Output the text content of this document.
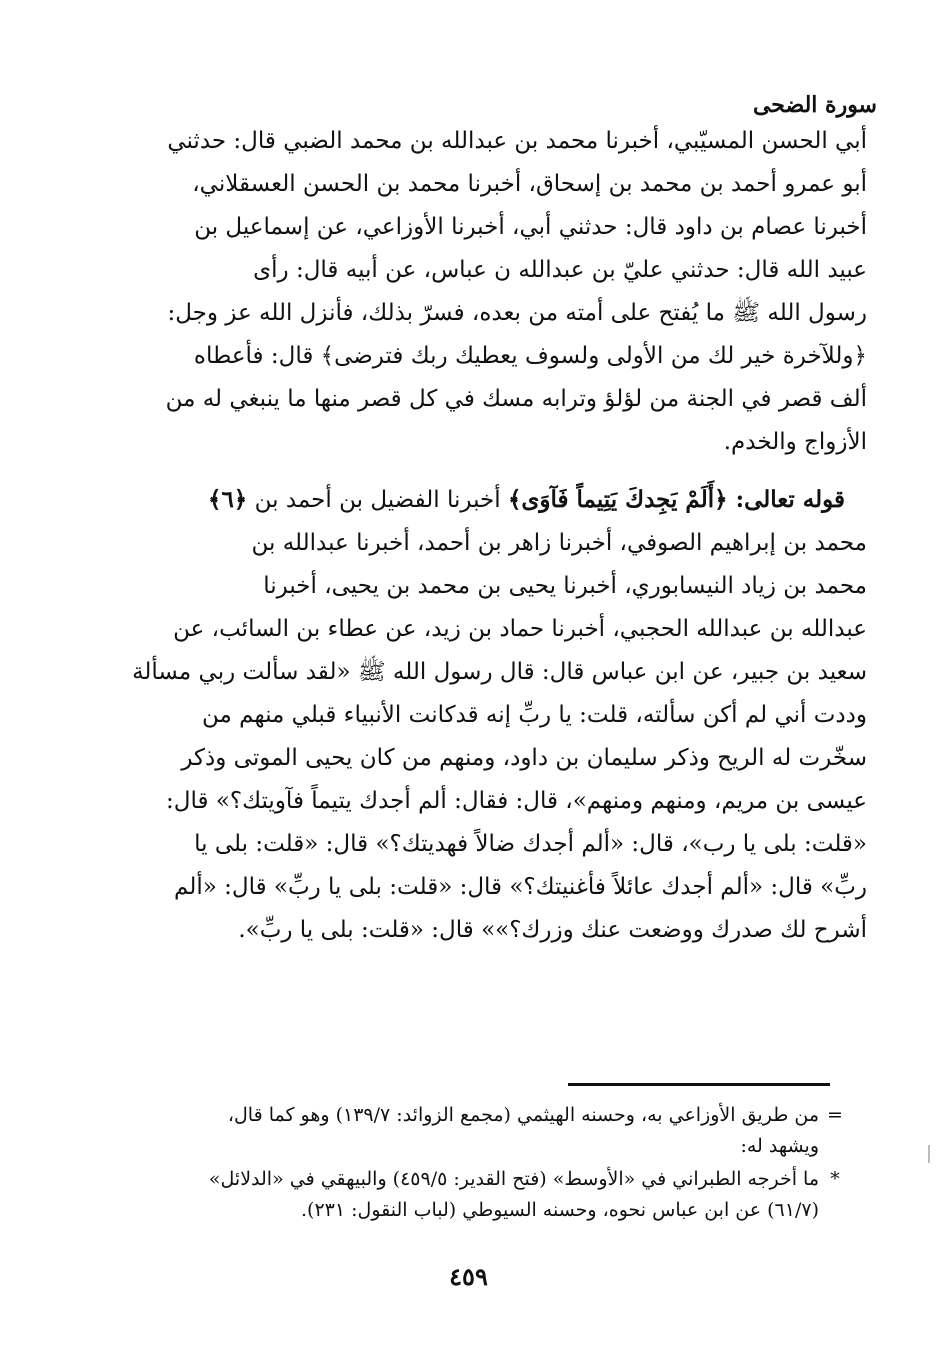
سورة الضحى
أبي الحسن المسيّبي، أخبرنا محمد بن عبدالله بن محمد الضبي قال: حدثني
أبو عمرو أحمد بن محمد بن إسحاق، أخبرنا محمد بن الحسن العسقلاني،
أخبرنا عصام بن داود قال: حدثني أبي، أخبرنا الأوزاعي، عن إسماعيل بن
عبيد الله قال: حدثني عليّ بن عبدالله ن عباس، عن أبيه قال: رأى
رسول الله ﷺ ما يُفتح على أمته من بعده، فسرّ بذلك، فأنزل الله عز وجل:
﴿وللآخرة خير لك من الأولى ولسوف يعطيك ربك فترضى﴾ قال: فأعطاه
ألف قصر في الجنة من لؤلؤ وترابه مسك في كل قصر منها ما ينبغي له من
الأزواج والخدم.
قوله تعالى: ﴿أَلَمْ يَجِدكَ يَتِيماً فَآوَى﴾ أخبرنا الفضيل بن أحمد بن ﴿٦﴾
محمد بن إبراهيم الصوفي، أخبرنا زاهر بن أحمد، أخبرنا عبدالله بن
محمد بن زياد النيسابوري، أخبرنا يحيى بن محمد بن يحيى، أخبرنا
عبدالله بن عبدالله الحجبي، أخبرنا حماد بن زيد، عن عطاء بن السائب، عن
سعيد بن جبير، عن ابن عباس قال: قال رسول الله ﷺ «لقد سألت ربي مسألة
وددت أني لم أكن سألته، قلت: يا ربِّ إنه قدكانت الأنبياء قبلي منهم من
سخّرت له الريح وذكر سليمان بن داود، ومنهم من كان يحيى الموتى وذكر
عيسى بن مريم، ومنهم ومنهم»، قال: فقال: ألم أجدك يتيماً فآويتك؟» قال:
«قلت: بلى يا رب»، قال: «ألم أجدك ضالاً فهديتك؟» قال: «قلت: بلى يا
ربِّ» قال: «ألم أجدك عائلاً فأغنيتك؟» قال: «قلت: بلى يا ربِّ» قال: «ألم
أشرح لك صدرك ووضعت عنك وزرك؟»» قال: «قلت: بلى يا ربِّ».
=
من طريق الأوزاعي به، وحسنه الهيثمي (مجمع الزوائد: ١٣٩/٧) وهو كما قال،
ويشهد له:
*
ما أخرجه الطبراني في «الأوسط» (فتح القدير: ٤٥٩/٥) والبيهقي في «الدلائل»
(٦١/٧) عن ابن عباس نحوه، وحسنه السيوطي (لباب النقول: ٢٣١).
٤٥٩
